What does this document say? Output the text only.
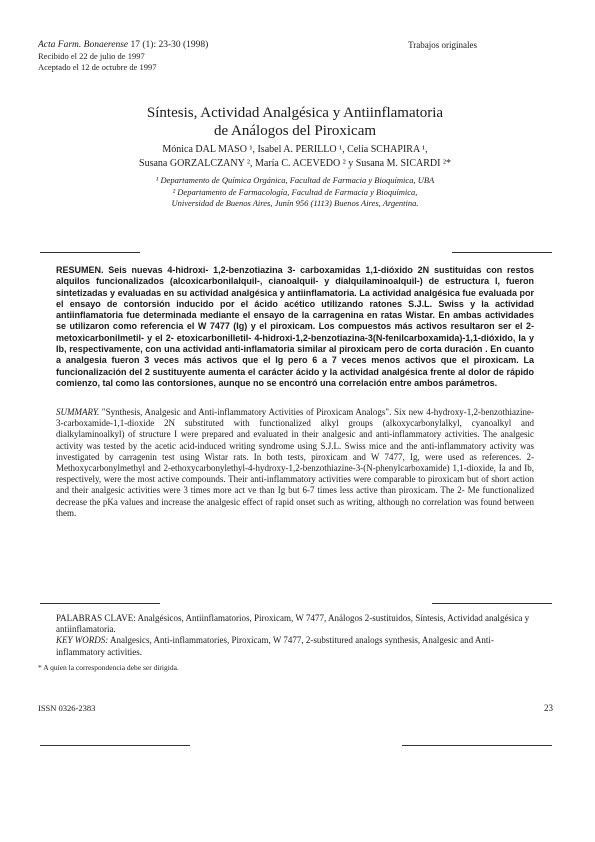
Acta Farm. Bonaerense 17 (1): 23-30 (1998)
Recibido el 22 de julio de 1997
Aceptado el 12 de octubre de 1997
Trabajos originales
Síntesis, Actividad Analgésica y Antiinflamatoria
de Análogos del Piroxicam
Mónica DAL MASO ¹, Isabel A. PERILLO ¹, Celia SCHAPIRA ¹,
Susana GORZALCZANY ², María C. ACEVEDO ² y Susana M. SICARDI ²*
¹ Departamento de Química Orgánica, Facultad de Farmacia y Bioquímica, UBA
² Departamento de Farmacología, Facultad de Farmacia y Bioquímica,
Universidad de Buenos Aires, Junín 956 (1113) Buenos Aires, Argentina.

RESUMEN. Seis nuevas 4-hidroxi- 1,2-benzotiazina 3- carboxamidas 1,1-dióxido 2N sustituidas con restos alquilos funcionalizados (alcoxicarbonilalquil-, cianoalquil- y dialquilaminoalquil-) de estructura I, fueron sintetizadas y evaluadas en su actividad analgésica y antiinflamatoria. La actividad analgésica fue evaluada por el ensayo de contorsión inducido por el ácido acético utilizando ratones S.J.L. Swiss y la actividad antiinflamatoria fue determinada mediante el ensayo de la carragenina en ratas Wistar. En ambas actividades se utilizaron como referencia el W 7477 (Ig) y el piroxicam. Los compuestos más activos resultaron ser el 2- metoxicarbonilmetil- y el 2- etoxicarbonilletil- 4-hidroxi-1,2-benzotiazina-3(N-fenilcarboxamida)-1,1-dióxido, Ia y Ib, respectivamente, con una actividad anti-inflamatoria similar al piroxicam pero de corta duración . En cuanto a analgesia fueron 3 veces más activos que el Ig pero 6 a 7 veces menos activos que el piroxicam. La funcionalización del 2 sustituyente aumenta el carácter ácido y la actividad analgésica frente al dolor de rápido comienzo, tal como las contorsiones, aunque no se encontró una correlación entre ambos parámetros.

SUMMARY. "Synthesis, Analgesic and Anti-inflammatory Activities of Piroxicam Analogs". Six new 4-hydroxy-1,2-benzothiazine-3-carboxamide-1,1-dioxide 2N substituted with functionalized alkyl groups (alkoxycarbonylalkyl, cyanoalkyl and dialkylaminoalkyl) of structure I were prepared and evaluated in their analgesic and anti-inflammatory activities. The analgesic activity was tested by the acetic acid-induced writing syndrome using S.J.L. Swiss mice and the anti-inflammatory activity was investigated by carragenin test using Wistar rats. In both tests, piroxicam and W 7477, Ig, were used as references. 2-Methoxycarbonylmethyl and 2-ethoxycarbonylethyl-4-hydroxy-1,2-benzothiazine-3-(N-phenylcarboxamide) 1,1-dioxide, Ia and Ib, respectively, were the most active compounds. Their anti-inflammatory activities were comparable to piroxicam but of short action and their analgesic activities were 3 times more act ve than Ig but 6-7 times less active than piroxicam. The 2- Me functionalized decrease the pKa values and increase the analgesic effect of rapid onset such as writing, although no correlation was found between them.

PALABRAS CLAVE: Analgésicos, Antiinflamatorios, Piroxicam, W 7477, Análogos 2-sustituidos, Síntesis, Actividad analgésica y antiinflamatoria.

KEY WORDS: Analgesics, Anti-inflammatories, Piroxicam, W 7477, 2-substitured analogs synthesis, Analgesic and Anti-inflammatory activities.

* A quien la correspondencia debe ser dirigida.
ISSN 0326-2383	23
